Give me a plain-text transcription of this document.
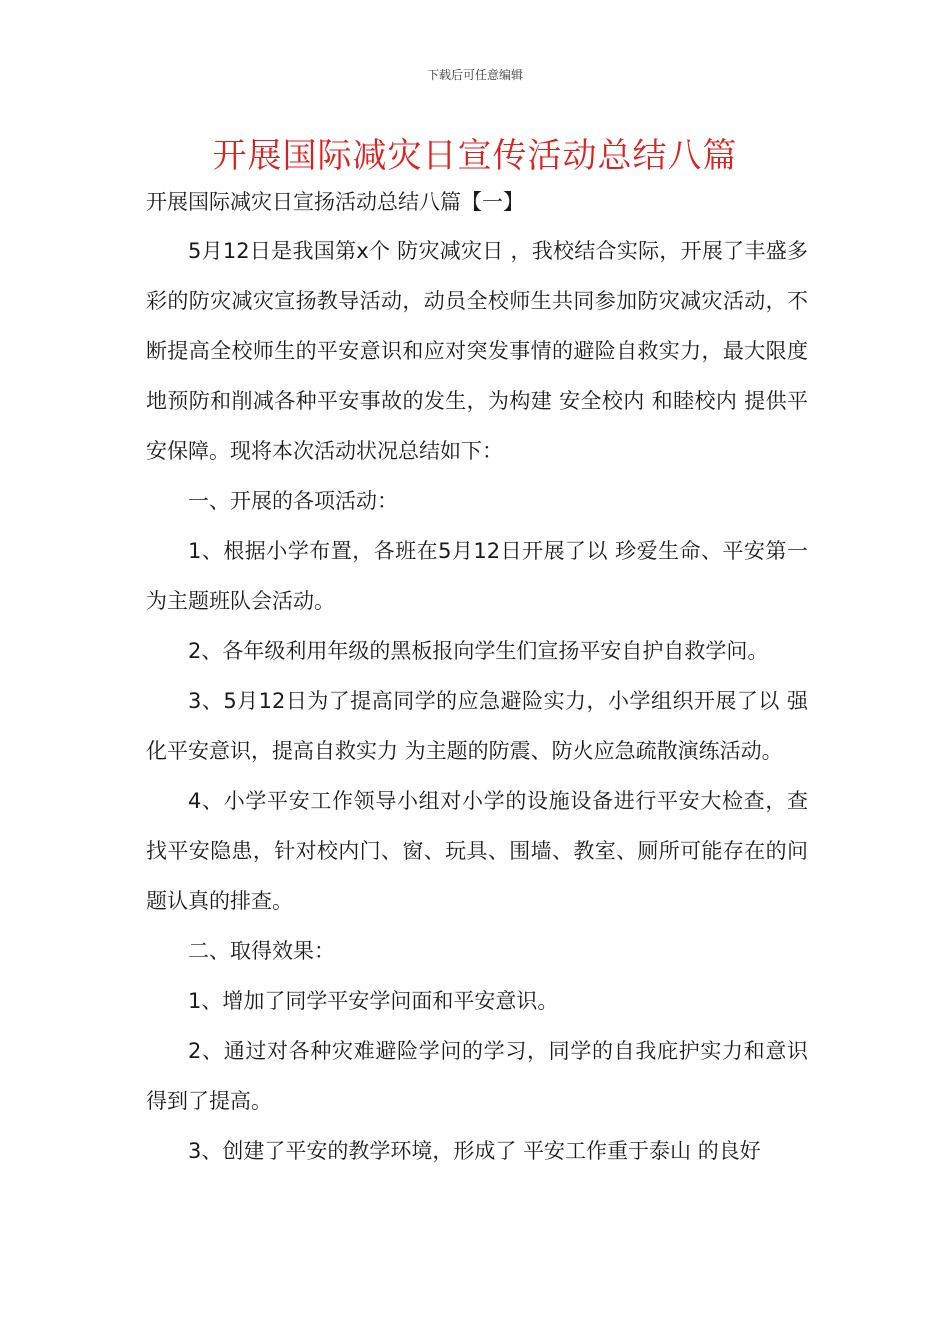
下载后可任意编辑
开展国际减灾日宣传活动总结八篇
开展国际减灾日宣扬活动总结八篇【一】

5月12日是我国第x个 防灾减灾日 ，我校结合实际，开展了丰盛多彩的防灾减灾宣扬教导活动，动员全校师生共同参加防灾减灾活动，不断提高全校师生的平安意识和应对突发事情的避险自救实力，最大限度地预防和削减各种平安事故的发生，为构建 安全校内 和睦校内 提供平安保障。现将本次活动状况总结如下：

一、开展的各项活动：

1、根据小学布置，各班在5月12日开展了以 珍爱生命、平安第一 为主题班队会活动。

2、各年级利用年级的黑板报向学生们宣扬平安自护自救学问。

3、5月12日为了提高同学的应急避险实力，小学组织开展了以 强化平安意识，提高自救实力 为主题的防震、防火应急疏散演练活动。

4、小学平安工作领导小组对小学的设施设备进行平安大检查，查找平安隐患，针对校内门、窗、玩具、围墙、教室、厕所可能存在的问题认真的排查。

二、取得效果：

1、增加了同学平安学问面和平安意识。

2、通过对各种灾难避险学问的学习，同学的自我庇护实力和意识得到了提高。

3、创建了平安的教学环境，形成了 平安工作重于泰山 的良好
